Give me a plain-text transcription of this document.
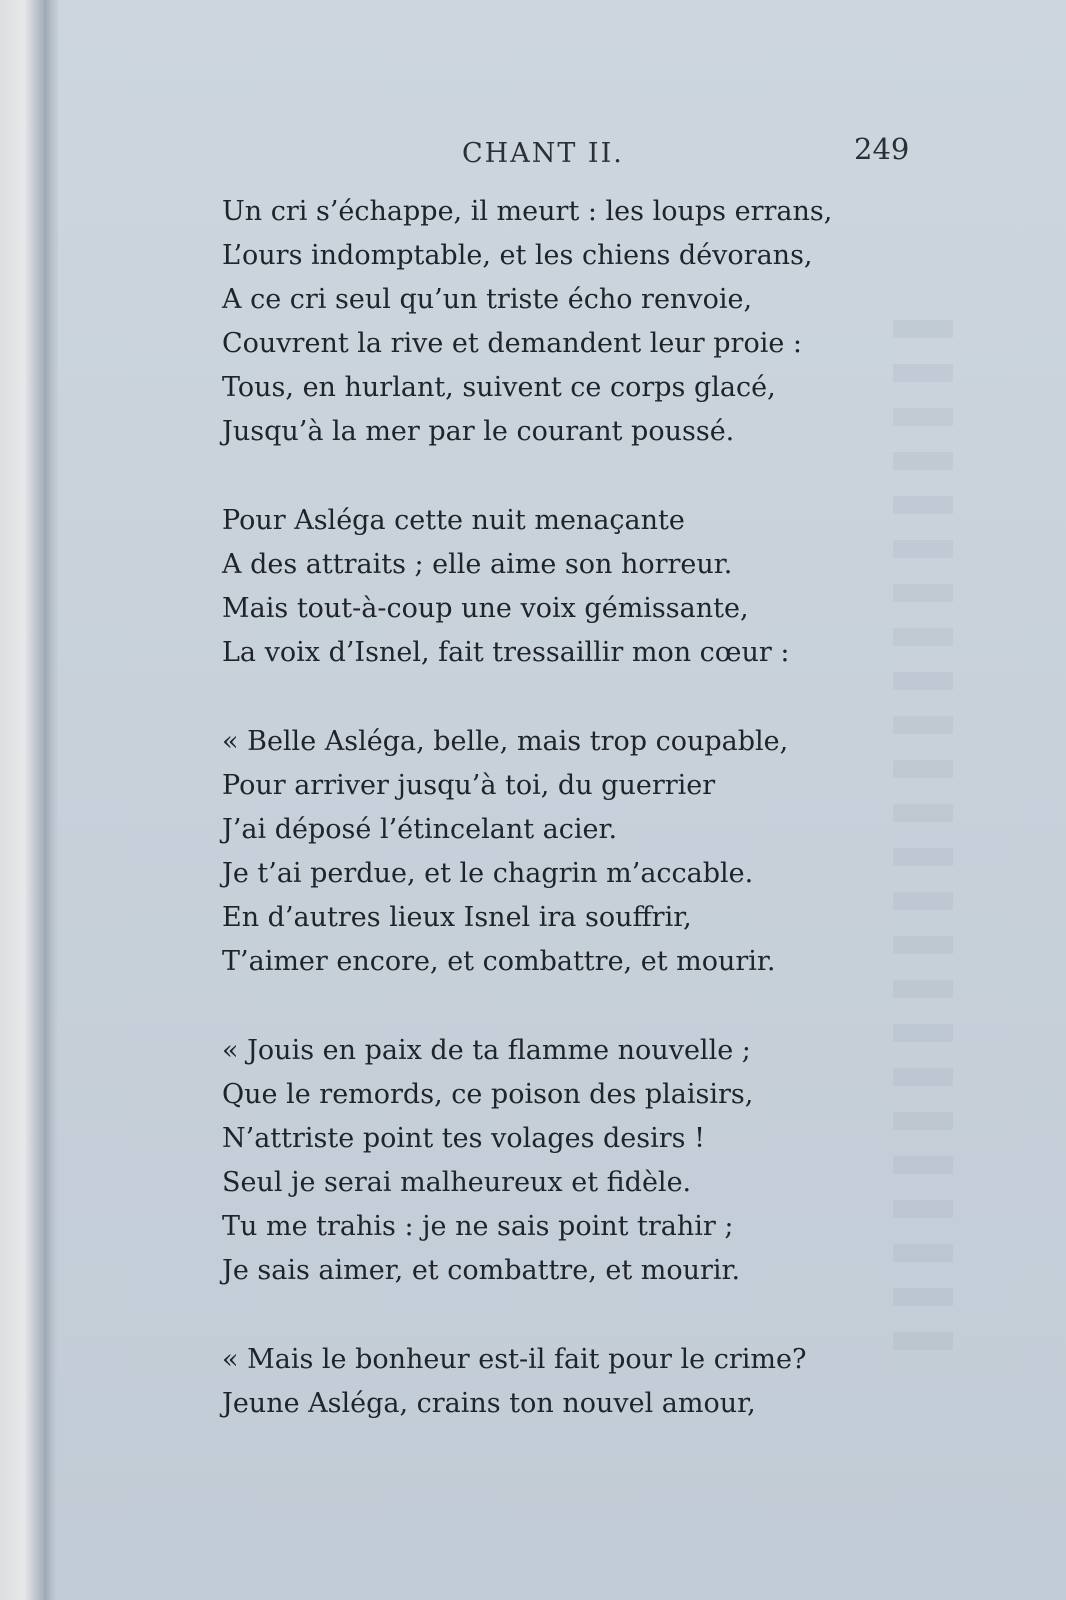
CHANT II.	249
Un cri s’échappe, il meurt : les loups errans,
L’ours indomptable, et les chiens dévorans,
A ce cri seul qu’un triste écho renvoie,
Couvrent la rive et demandent leur proie :
Tous, en hurlant, suivent ce corps glacé,
Jusqu’à la mer par le courant poussé.
Pour Asléga cette nuit menaçante
A des attraits ; elle aime son horreur.
Mais tout-à-coup une voix gémissante,
La voix d’Isnel, fait tressaillir mon cœur :
« Belle Asléga, belle, mais trop coupable,
Pour arriver jusqu’à toi, du guerrier
J’ai déposé l’étincelant acier.
Je t’ai perdue, et le chagrin m’accable.
En d’autres lieux Isnel ira souffrir,
T’aimer encore, et combattre, et mourir.
« Jouis en paix de ta flamme nouvelle ;
Que le remords, ce poison des plaisirs,
N’attriste point tes volages desirs !
Seul je serai malheureux et fidèle.
Tu me trahis : je ne sais point trahir ;
Je sais aimer, et combattre, et mourir.
« Mais le bonheur est-il fait pour le crime?
Jeune Asléga, crains ton nouvel amour,
